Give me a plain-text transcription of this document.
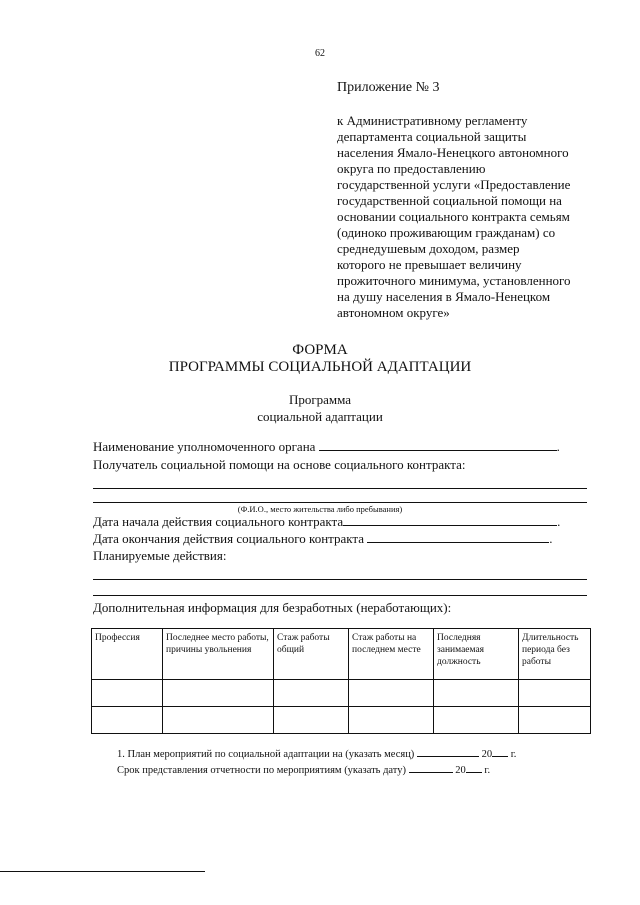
62
Приложение № 3
к Административному регламенту
департамента социальной защиты
населения Ямало-Ненецкого автономного
округа по предоставлению
государственной услуги «Предоставление
государственной социальной помощи на
основании социального контракта семьям
(одиноко проживающим гражданам) со
среднедушевым доходом, размер
которого не превышает величину
прожиточного минимума, установленного
на душу населения в Ямало-Ненецком
автономном округе»
ФОРМА
ПРОГРАММЫ СОЦИАЛЬНОЙ АДАПТАЦИИ
Программа
социальной адаптации
Наименование уполномоченного органа	.
Получатель социальной помощи на основе социального контракта:
(Ф.И.О., место жительства либо пребывания)
Дата начала действия социального контракта	.
Дата окончания действия социального контракта	.
Планируемые действия:
Дополнительная информация для безработных (неработающих):
Профессия	Последнее место работы, причины увольнения	Стаж работы общий	Стаж работы на последнем месте	Последняя занимаемая должность	Длительность периода без работы

1. План мероприятий по социальной адаптации на (указать месяц)	20 г.
Срок представления отчетности по мероприятиям (указать дату)	20 г.
